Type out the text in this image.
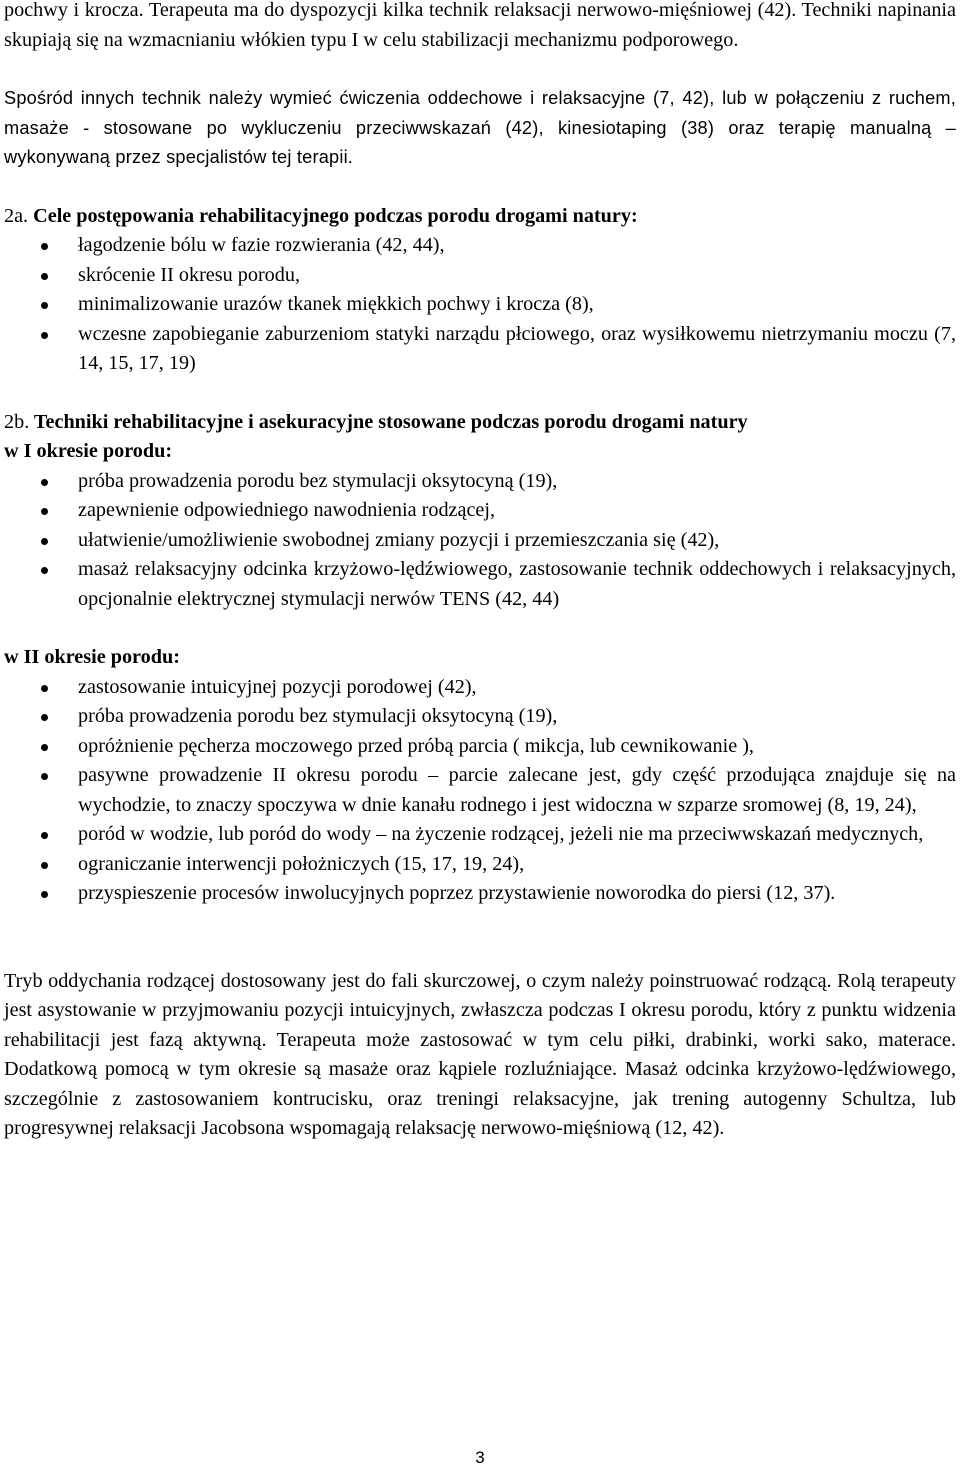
pochwy i krocza. Terapeuta ma do dyspozycji kilka technik relaksacji nerwowo-mięśniowej (42). Techniki napinania skupiają się na wzmacnianiu włókien typu I w celu stabilizacji mechanizmu podporowego.

Spośród innych technik należy wymieć ćwiczenia oddechowe i relaksacyjne (7, 42), lub w połączeniu z ruchem, masaże - stosowane po wykluczeniu przeciwwskazań (42), kinesiotaping (38) oraz terapię manualną – wykonywaną przez specjalistów tej terapii.

2a. Cele postępowania rehabilitacyjnego podczas porodu drogami natury:
łagodzenie bólu w fazie rozwierania (42, 44),
skrócenie II okresu porodu,
minimalizowanie urazów tkanek miękkich pochwy i krocza (8),
wczesne zapobieganie zaburzeniom statyki narządu płciowego, oraz wysiłkowemu nietrzymaniu moczu (7, 14, 15, 17, 19)
2b. Techniki rehabilitacyjne i asekuracyjne stosowane podczas porodu drogami natury
w I okresie porodu:
próba prowadzenia porodu bez stymulacji oksytocyną (19),
zapewnienie odpowiedniego nawodnienia rodzącej,
ułatwienie/umożliwienie swobodnej zmiany pozycji i przemieszczania się (42),
masaż relaksacyjny odcinka krzyżowo-lędźwiowego, zastosowanie technik oddechowych i relaksacyjnych, opcjonalnie elektrycznej stymulacji nerwów TENS (42, 44)
w II okresie porodu:
zastosowanie intuicyjnej pozycji porodowej (42),
próba prowadzenia porodu bez stymulacji oksytocyną (19),
opróżnienie pęcherza moczowego przed próbą parcia ( mikcja, lub cewnikowanie ),
pasywne prowadzenie II okresu porodu – parcie zalecane jest, gdy część przodująca znajduje się na wychodzie, to znaczy spoczywa w dnie kanału rodnego i jest widoczna w szparze sromowej (8, 19, 24),
poród w wodzie, lub poród do wody – na życzenie rodzącej, jeżeli nie ma przeciwwskazań medycznych,
ograniczanie interwencji położniczych (15, 17, 19, 24),
przyspieszenie procesów inwolucyjnych poprzez przystawienie noworodka do piersi (12, 37).

Tryb oddychania rodzącej dostosowany jest do fali skurczowej, o czym należy poinstruować rodzącą. Rolą terapeuty jest asystowanie w przyjmowaniu pozycji intuicyjnych, zwłaszcza podczas I okresu porodu, który z punktu widzenia rehabilitacji jest fazą aktywną. Terapeuta może zastosować w tym celu piłki, drabinki, worki sako, materace. Dodatkową pomocą w tym okresie są masaże oraz kąpiele rozluźniające. Masaż odcinka krzyżowo-lędźwiowego, szczególnie z zastosowaniem kontrucisku, oraz treningi relaksacyjne, jak trening autogenny Schultza, lub progresywnej relaksacji Jacobsona wspomagają relaksację nerwowo-mięśniową (12, 42).

3
